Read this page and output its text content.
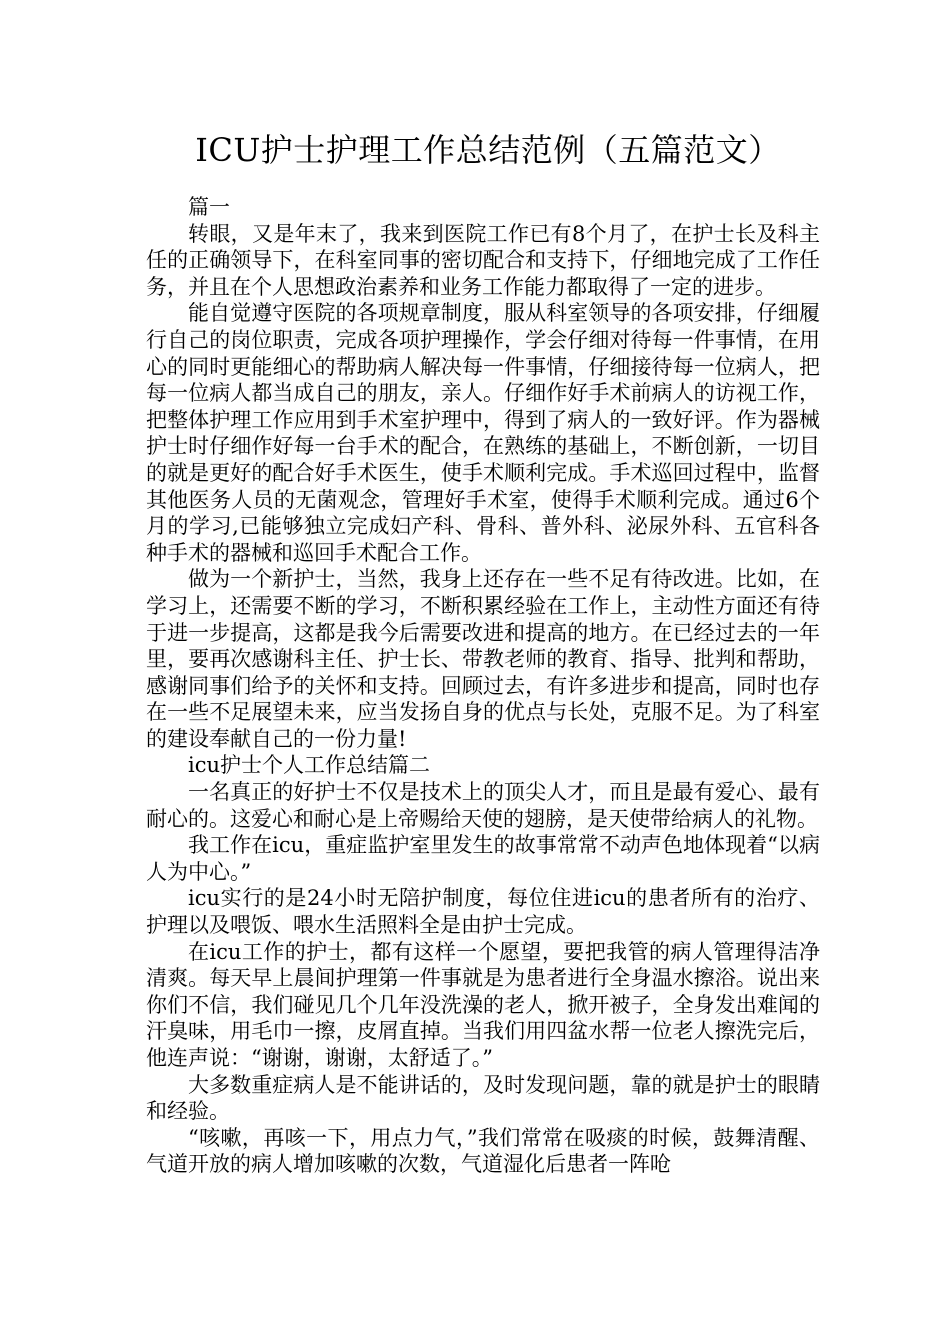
ICU护士护理工作总结范例（五篇范文）

篇一

转眼，又是年末了，我来到医院工作已有8个月了，在护士长及科主任的正确领导下，在科室同事的密切配合和支持下，仔细地完成了工作任务，并且在个人思想政治素养和业务工作能力都取得了一定的进步。

能自觉遵守医院的各项规章制度，服从科室领导的各项安排，仔细履行自己的岗位职责，完成各项护理操作，学会仔细对待每一件事情，在用心的同时更能细心的帮助病人解决每一件事情，仔细接待每一位病人，把每一位病人都当成自己的朋友，亲人。仔细作好手术前病人的访视工作，把整体护理工作应用到手术室护理中，得到了病人的一致好评。作为器械护士时仔细作好每一台手术的配合，在熟练的基础上，不断创新，一切目的就是更好的配合好手术医生，使手术顺利完成。手术巡回过程中，监督其他医务人员的无菌观念，管理好手术室，使得手术顺利完成。通过6个月的学习,已能够独立完成妇产科、骨科、普外科、泌尿外科、五官科各种手术的器械和巡回手术配合工作。

做为一个新护士，当然，我身上还存在一些不足有待改进。比如，在学习上，还需要不断的学习，不断积累经验在工作上，主动性方面还有待于进一步提高，这都是我今后需要改进和提高的地方。在已经过去的一年里，要再次感谢科主任、护士长、带教老师的教育、指导、批判和帮助，感谢同事们给予的关怀和支持。回顾过去，有许多进步和提高，同时也存在一些不足展望未来，应当发扬自身的优点与长处，克服不足。为了科室的建设奉献自己的一份力量!

icu护士个人工作总结篇二

一名真正的好护士不仅是技术上的顶尖人才，而且是最有爱心、最有耐心的。这爱心和耐心是上帝赐给天使的翅膀，是天使带给病人的礼物。

我工作在icu，重症监护室里发生的故事常常不动声色地体现着“以病人为中心。”

icu实行的是24小时无陪护制度，每位住进icu的患者所有的治疗、护理以及喂饭、喂水生活照料全是由护士完成。

在icu工作的护士，都有这样一个愿望，要把我管的病人管理得洁净清爽。每天早上晨间护理第一件事就是为患者进行全身温水擦浴。说出来你们不信，我们碰见几个几年没洗澡的老人，掀开被子，全身发出难闻的汗臭味，用毛巾一擦，皮屑直掉。当我们用四盆水帮一位老人擦洗完后，他连声说：“谢谢，谢谢，太舒适了。”

大多数重症病人是不能讲话的，及时发现问题，靠的就是护士的眼睛和经验。

“咳嗽，再咳一下，用点力气，”我们常常在吸痰的时候，鼓舞清醒、气道开放的病人增加咳嗽的次数，气道湿化后患者一阵呛
